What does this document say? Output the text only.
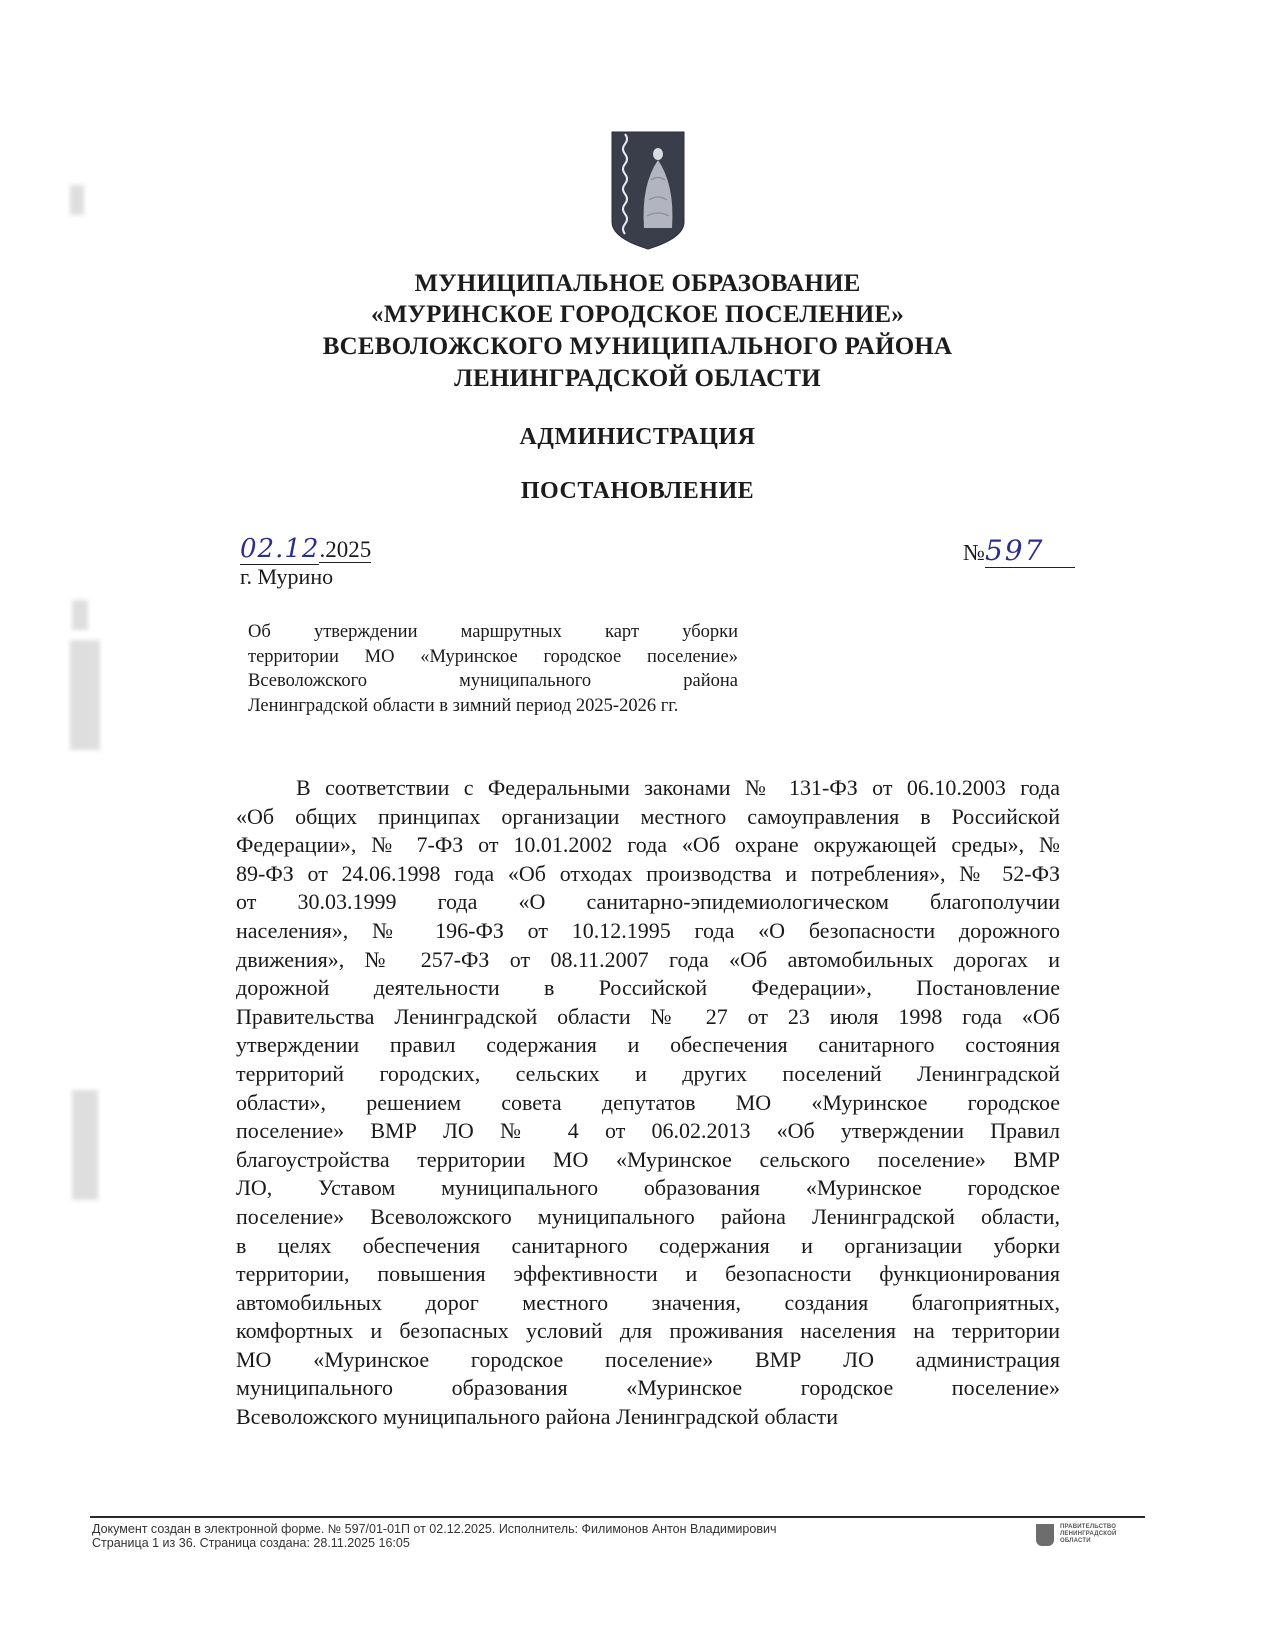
МУНИЦИПАЛЬНОЕ ОБРАЗОВАНИЕ
«МУРИНСКОЕ ГОРОДСКОЕ ПОСЕЛЕНИЕ»
ВСЕВОЛОЖСКОГО МУНИЦИПАЛЬНОГО РАЙОНА
ЛЕНИНГРАДСКОЙ ОБЛАСТИ
АДМИНИСТРАЦИЯ
ПОСТАНОВЛЕНИЕ
02.12.2025
г. Мурино
№597
Об утверждении маршрутных карт уборки
территории МО «Муринское городское поселение»
Всеволожского муниципального района
Ленинградской области в зимний период 2025-2026 гг.
В соответствии с Федеральными законами № 131-ФЗ от 06.10.2003 года
«Об общих принципах организации местного самоуправления в Российской
Федерации», № 7-ФЗ от 10.01.2002 года «Об охране окружающей среды», №
89-ФЗ от 24.06.1998 года «Об отходах производства и потребления», № 52-ФЗ
от 30.03.1999 года «О санитарно-эпидемиологическом благополучии
населения», № 196-ФЗ от 10.12.1995 года «О безопасности дорожного
движения», № 257-ФЗ от 08.11.2007 года «Об автомобильных дорогах и
дорожной деятельности в Российской Федерации», Постановление
Правительства Ленинградской области № 27 от 23 июля 1998 года «Об
утверждении правил содержания и обеспечения санитарного состояния
территорий городских, сельских и других поселений Ленинградской
области», решением совета депутатов МО «Муринское городское
поселение» ВМР ЛО № 4 от 06.02.2013 «Об утверждении Правил
благоустройства территории МО «Муринское сельского поселение» ВМР
ЛО, Уставом муниципального образования «Муринское городское
поселение» Всеволожского муниципального района Ленинградской области,
в целях обеспечения санитарного содержания и организации уборки
территории, повышения эффективности и безопасности функционирования
автомобильных дорог местного значения, создания благоприятных,
комфортных и безопасных условий для проживания населения на территории
МО «Муринское городское поселение» ВМР ЛО администрация
муниципального образования «Муринское городское поселение»
Всеволожского муниципального района Ленинградской области
Документ создан в электронной форме. № 597/01-01П от 02.12.2025. Исполнитель: Филимонов Антон Владимирович
Страница 1 из 36. Страница создана: 28.11.2025 16:05
ПРАВИТЕЛЬСТВО
ЛЕНИНГРАДСКОЙ
ОБЛАСТИ
